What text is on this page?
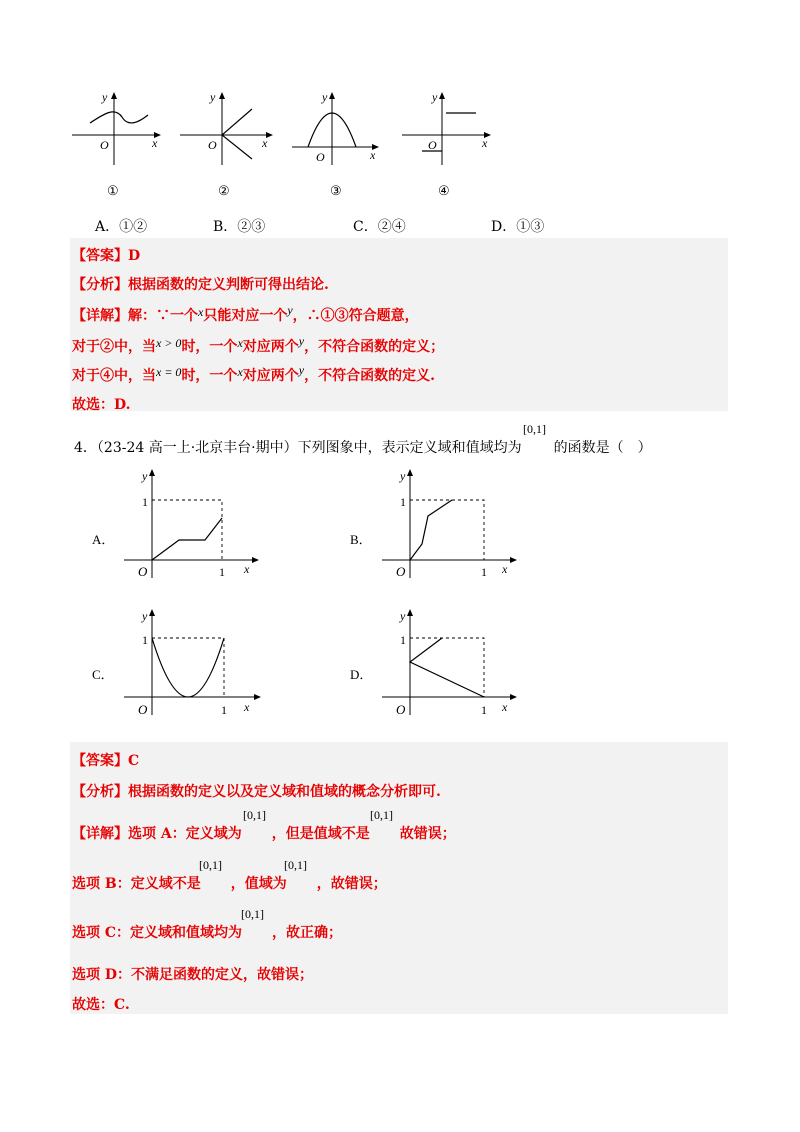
y
x
O
①
y
x
O
②
y
x
O
③
y
x
O
④
A．①②	B．②③	C．②④	D．①③
【答案】D
【分析】根据函数的定义判断可得出结论.
【详解】解：∵一个x只能对应一个y，∴①③符合题意，
对于②中，当x > 0时，一个x对应两个y，不符合函数的定义；
对于④中，当x = 0时，一个x对应两个y，不符合函数的定义.
故选：D.
4．（23-24 高一上·北京丰台·期中）下列图象中，表示定义域和值域均为 的函数是（　）
[0,1]
A．
y
1
O	1 x
B．
y
1
O	1 x
C．
y
1
O	1 x
D．
y
1
O	1 x
【答案】C
【分析】根据函数的定义以及定义域和值域的概念分析即可.
【详解】选项 A：定义域为 ，但是值域不是 故错误；
[0,1]	[0,1]
选项 B：定义域不是 ，值域为 ，故错误；
[0,1]	[0,1]
选项 C：定义域和值域均为 ，故正确；
[0,1]
选项 D：不满足函数的定义，故错误；
故选：C.
